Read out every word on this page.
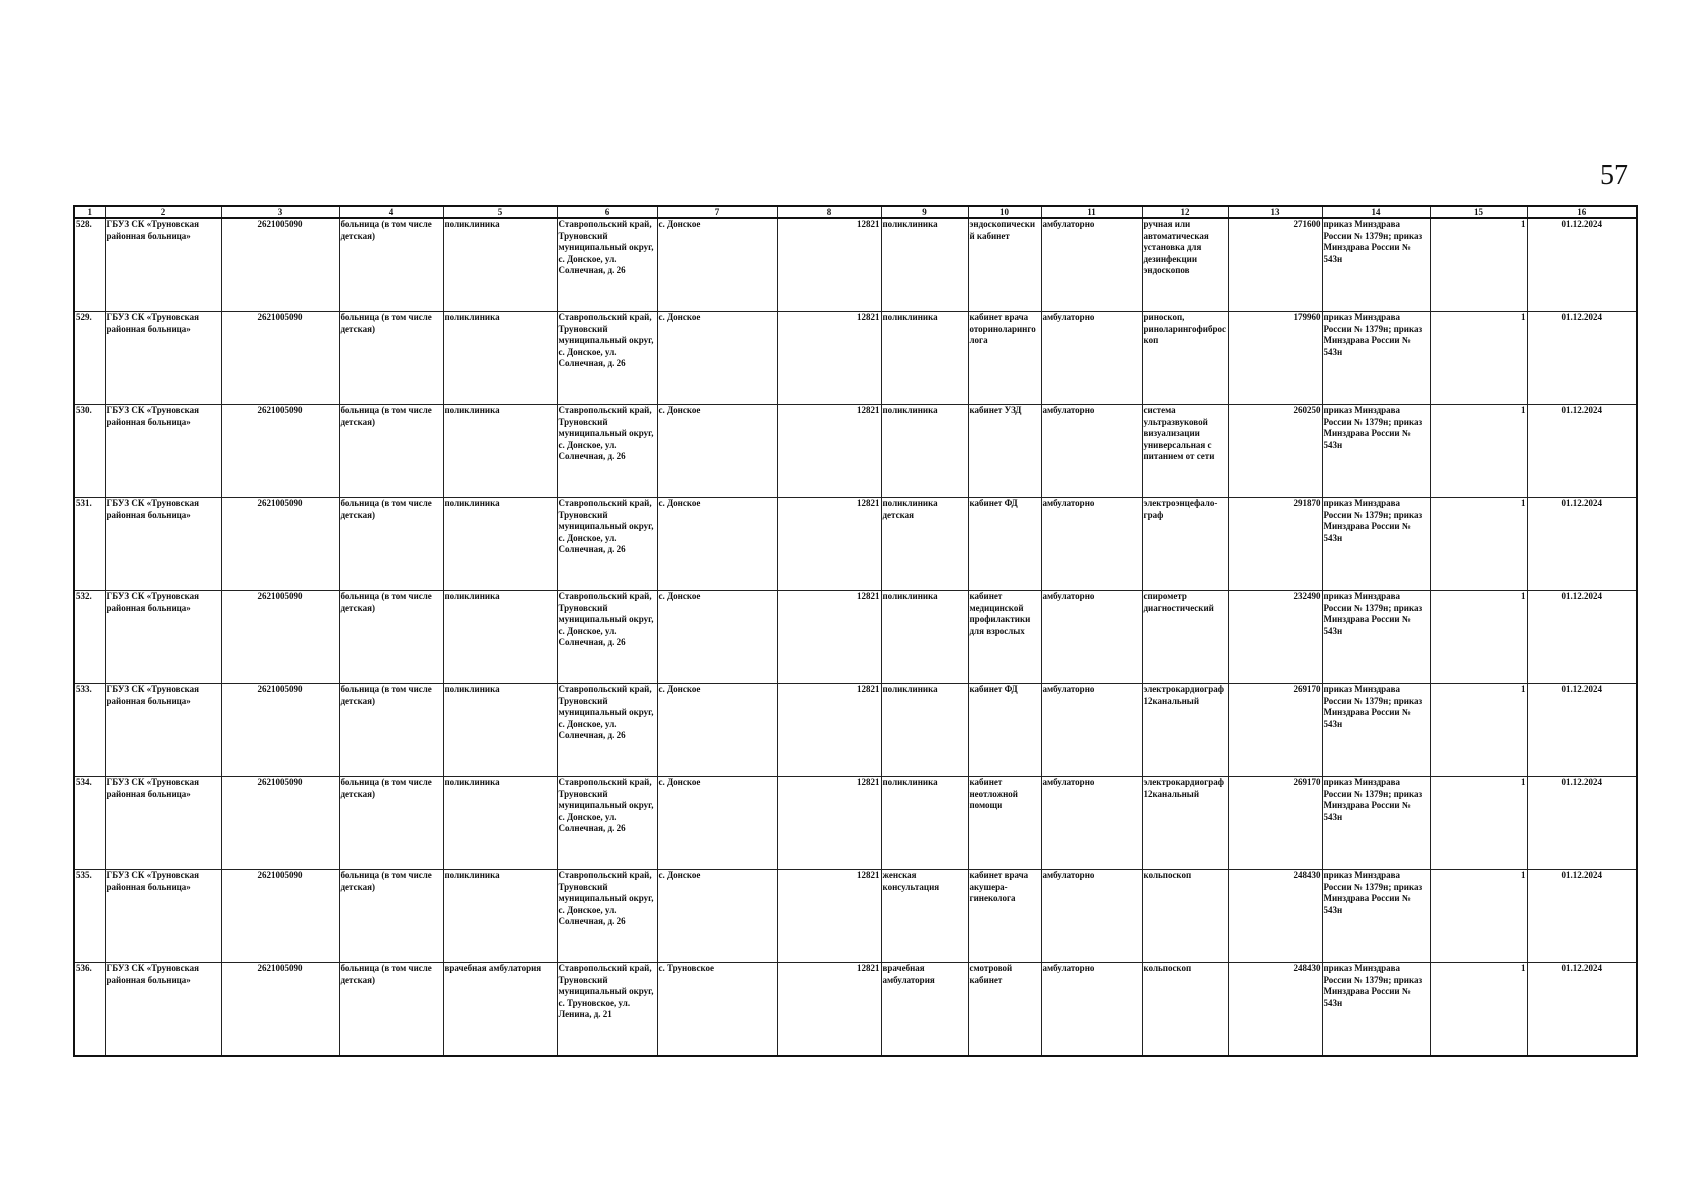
57
1	2	3	4	5	6	7	8	9	10	11	12	13	14	15	16
528.	ГБУЗ СК «Труновская районная больница»	2621005090	больница (в том числе детская)	поликлиника	Ставропольский край, Труновский муниципальный округ, с. Донское, ул. Солнечная, д. 26	с. Донское	12821	поликлиника	эндоскопический кабинет	амбулаторно	ручная или автоматическая установка для дезинфекции эндоскопов	271600	приказ Минздрава России № 1379н; приказ Минздрава России № 543н	1	01.12.2024
529.	ГБУЗ СК «Труновская районная больница»	2621005090	больница (в том числе детская)	поликлиника	Ставропольский край, Труновский муниципальный округ, с. Донское, ул. Солнечная, д. 26	с. Донское	12821	поликлиника	кабинет врача оториноларинголога	амбулаторно	риноскоп, риноларингофиброскоп	179960	приказ Минздрава России № 1379н; приказ Минздрава России № 543н	1	01.12.2024
530.	ГБУЗ СК «Труновская районная больница»	2621005090	больница (в том числе детская)	поликлиника	Ставропольский край, Труновский муниципальный округ, с. Донское, ул. Солнечная, д. 26	с. Донское	12821	поликлиника	кабинет УЗД	амбулаторно	система ультразвуковой визуализации универсальная с питанием от сети	260250	приказ Минздрава России № 1379н; приказ Минздрава России № 543н	1	01.12.2024
531.	ГБУЗ СК «Труновская районная больница»	2621005090	больница (в том числе детская)	поликлиника	Ставропольский край, Труновский муниципальный округ, с. Донское, ул. Солнечная, д. 26	с. Донское	12821	поликлиника детская	кабинет ФД	амбулаторно	электроэнцефало-граф	291870	приказ Минздрава России № 1379н; приказ Минздрава России № 543н	1	01.12.2024
532.	ГБУЗ СК «Труновская районная больница»	2621005090	больница (в том числе детская)	поликлиника	Ставропольский край, Труновский муниципальный округ, с. Донское, ул. Солнечная, д. 26	с. Донское	12821	поликлиника	кабинет медицинской профилактики для взрослых	амбулаторно	спирометр диагностический	232490	приказ Минздрава России № 1379н; приказ Минздрава России № 543н	1	01.12.2024
533.	ГБУЗ СК «Труновская районная больница»	2621005090	больница (в том числе детская)	поликлиника	Ставропольский край, Труновский муниципальный округ, с. Донское, ул. Солнечная, д. 26	с. Донское	12821	поликлиника	кабинет ФД	амбулаторно	электрокардиограф 12канальный	269170	приказ Минздрава России № 1379н; приказ Минздрава России № 543н	1	01.12.2024
534.	ГБУЗ СК «Труновская районная больница»	2621005090	больница (в том числе детская)	поликлиника	Ставропольский край, Труновский муниципальный округ, с. Донское, ул. Солнечная, д. 26	с. Донское	12821	поликлиника	кабинет неотложной помощи	амбулаторно	электрокардиограф 12канальный	269170	приказ Минздрава России № 1379н; приказ Минздрава России № 543н	1	01.12.2024
535.	ГБУЗ СК «Труновская районная больница»	2621005090	больница (в том числе детская)	поликлиника	Ставропольский край, Труновский муниципальный округ, с. Донское, ул. Солнечная, д. 26	с. Донское	12821	женская консультация	кабинет врача акушера-гинеколога	амбулаторно	кольпоскоп	248430	приказ Минздрава России № 1379н; приказ Минздрава России № 543н	1	01.12.2024
536.	ГБУЗ СК «Труновская районная больница»	2621005090	больница (в том числе детская)	врачебная амбулатория	Ставропольский край, Труновский муниципальный округ, с. Труновское, ул. Ленина, д. 21	с. Труновское	12821	врачебная амбулатория	смотровой кабинет	амбулаторно	кольпоскоп	248430	приказ Минздрава России № 1379н; приказ Минздрава России № 543н	1	01.12.2024
